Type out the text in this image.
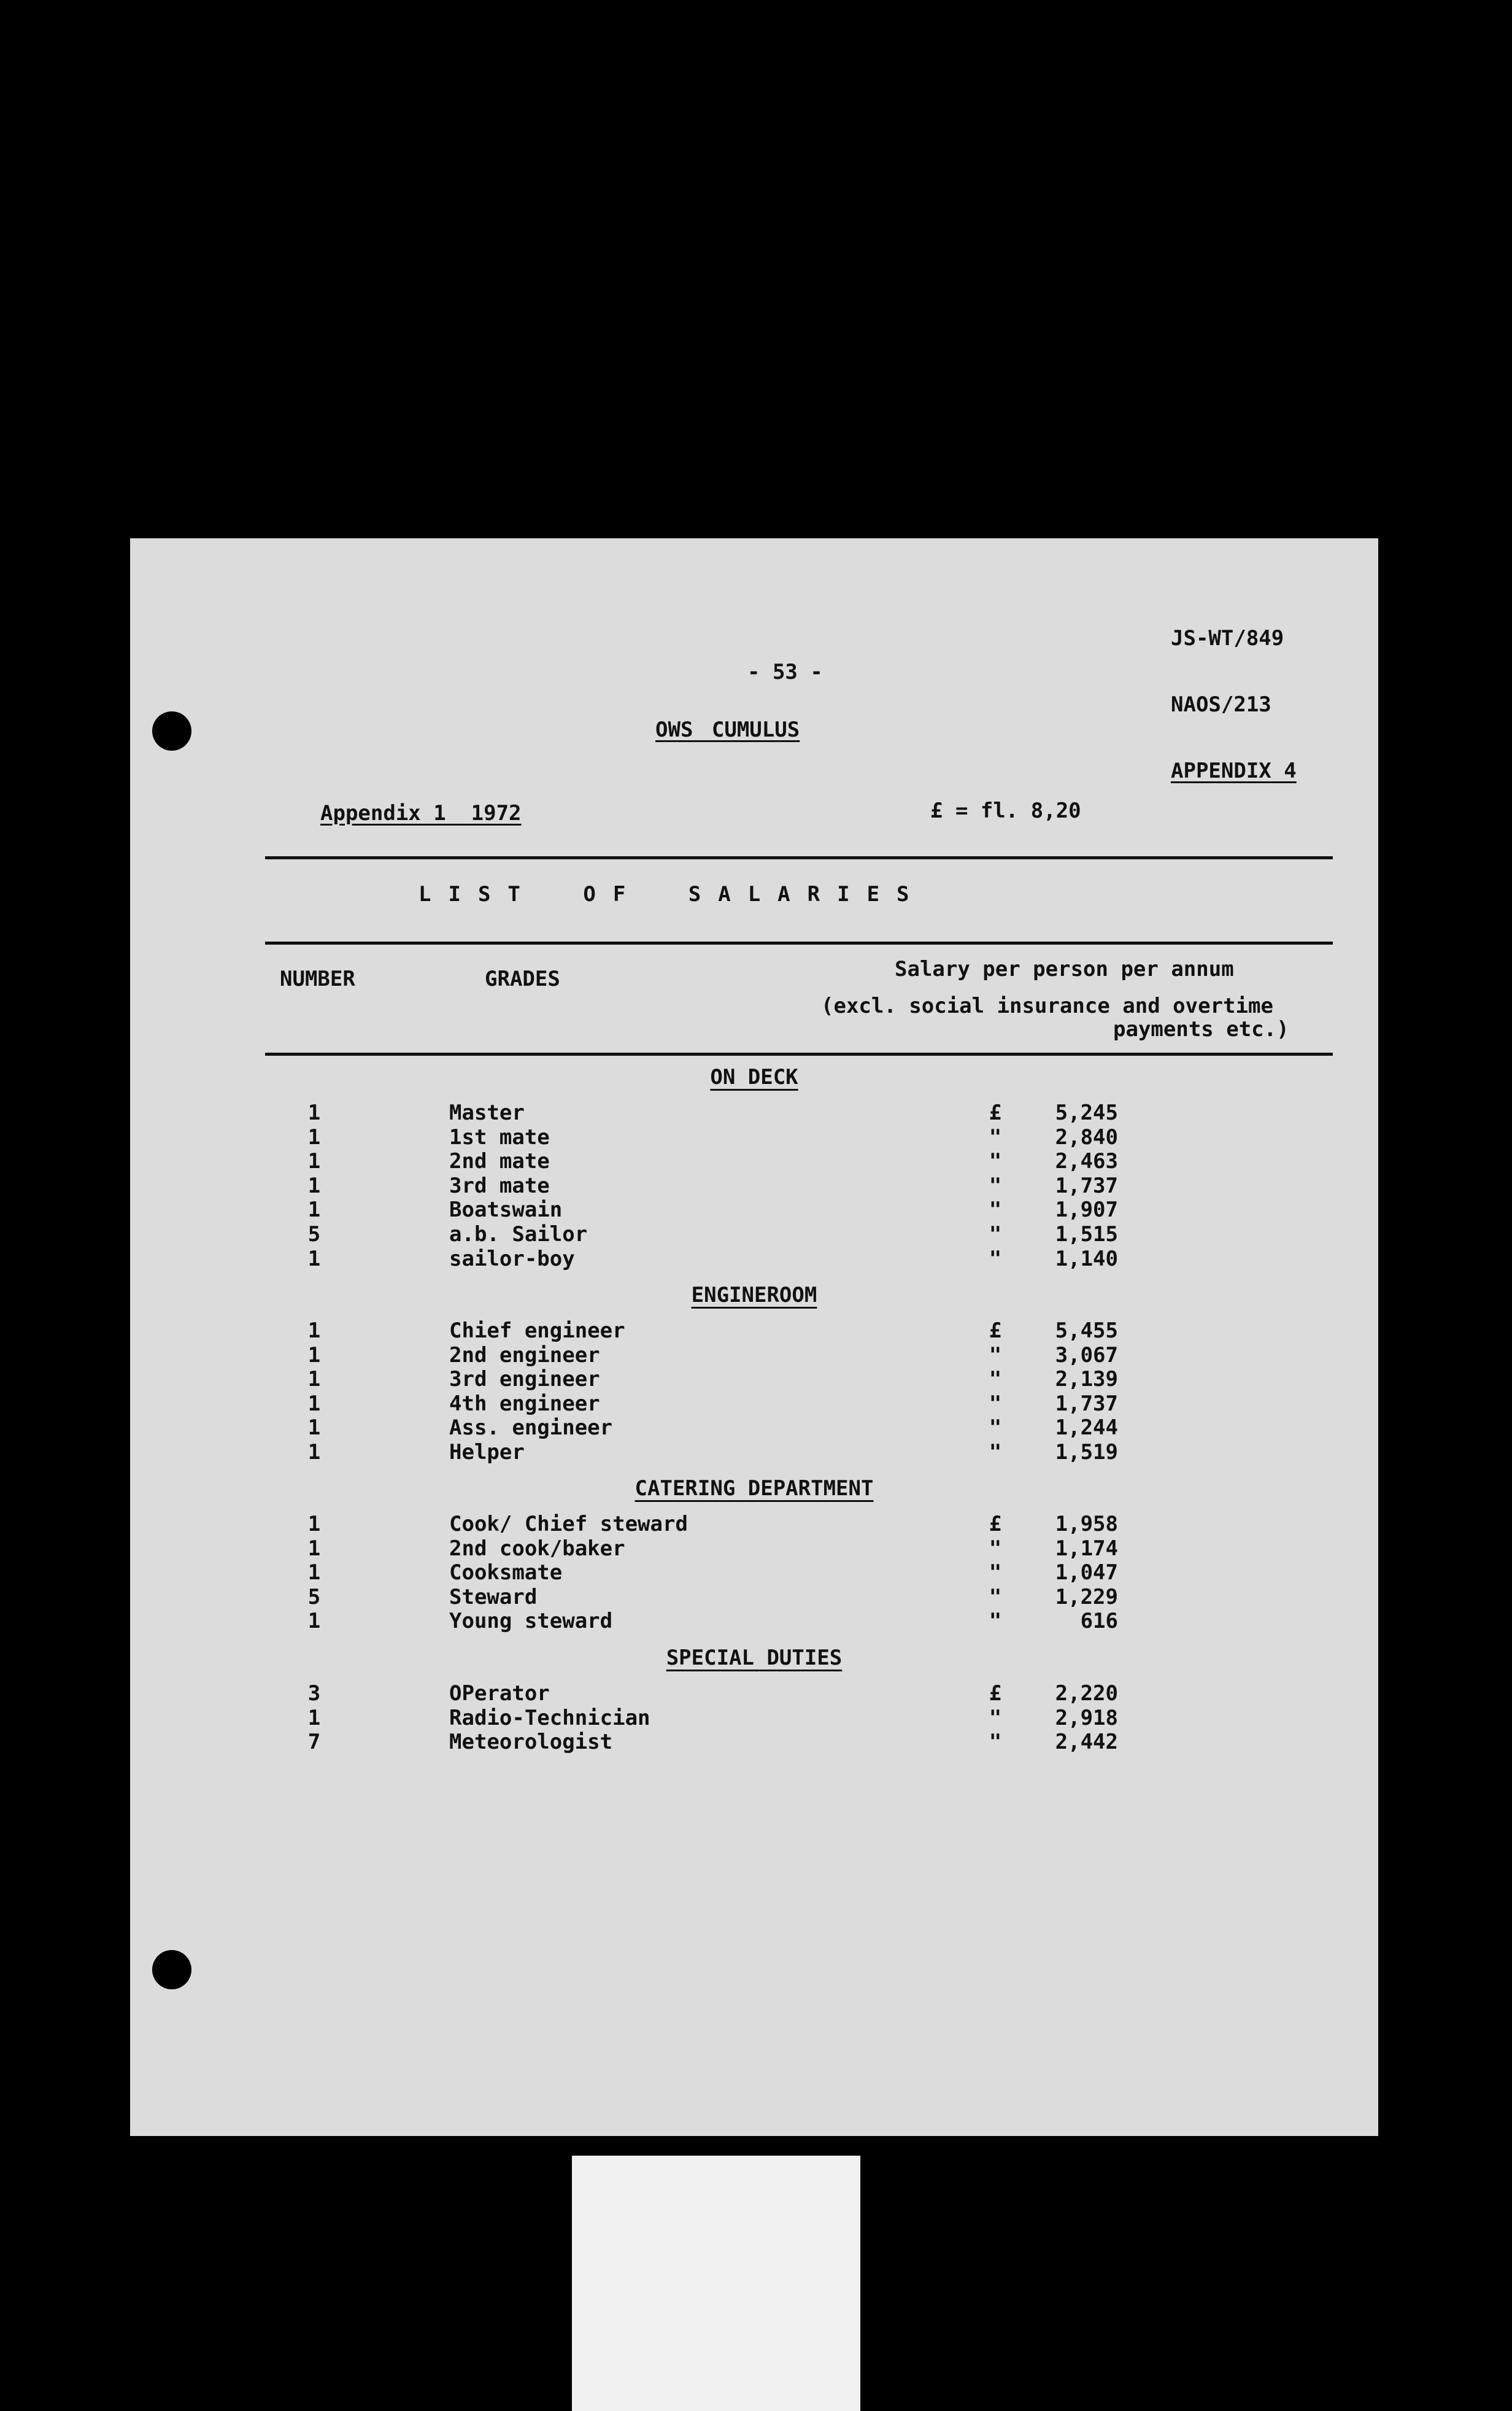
JS-WT/849

NAOS/213

APPENDIX 4

- 53 -
OWS CUMULUS
Appendix 1  1972	£ = fl. 8,20
LIST OF SALARIES
NUMBER	GRADES	Salary per person per annum
(excl. social insurance and overtime
payments etc.)
ON DECK
1	Master	£	5,245
1	1st mate	"	2,840
1	2nd mate	"	2,463
1	3rd mate	"	1,737
1	Boatswain	"	1,907
5	a.b. Sailor	"	1,515
1	sailor-boy	"	1,140
ENGINEROOM
1	Chief engineer	£	5,455
1	2nd engineer	"	3,067
1	3rd engineer	"	2,139
1	4th engineer	"	1,737
1	Ass. engineer	"	1,244
1	Helper	"	1,519
CATERING DEPARTMENT
1	Cook/ Chief steward	£	1,958
1	2nd cook/baker	"	1,174
1	Cooksmate	"	1,047
5	Steward	"	1,229
1	Young steward	"	616
SPECIAL DUTIES
3	OPerator	£	2,220
1	Radio-Technician	"	2,918
7	Meteorologist	"	2,442
